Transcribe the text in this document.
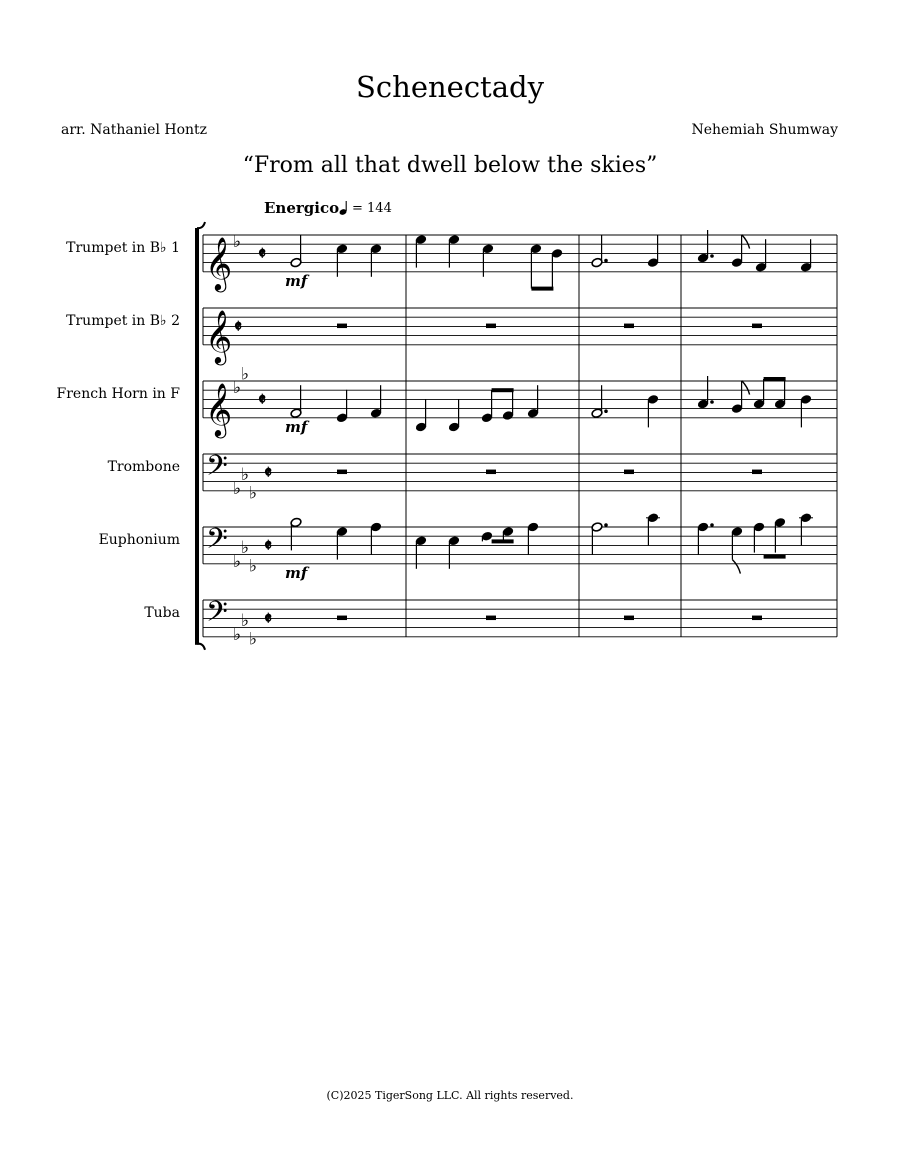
Schenectady
arr. Nathaniel Hontz	Nehemiah Shumway
“From all that dwell below the skies”
Energico = 144
Trumpet in B♭ 1
Trumpet in B♭ 2
French Horn in F
Trombone
Euphonium
Tuba
𝄞 ♭
𝄵
𝄞 𝄵
𝄞 ♭
♭
𝄵
𝄢 ♭
♭
♭
𝄵
𝄢 ♭
♭
♭
𝄵
𝄢 ♭
♭
♭
𝄵
mf
mf
mf
(C)2025 TigerSong LLC. All rights reserved.
